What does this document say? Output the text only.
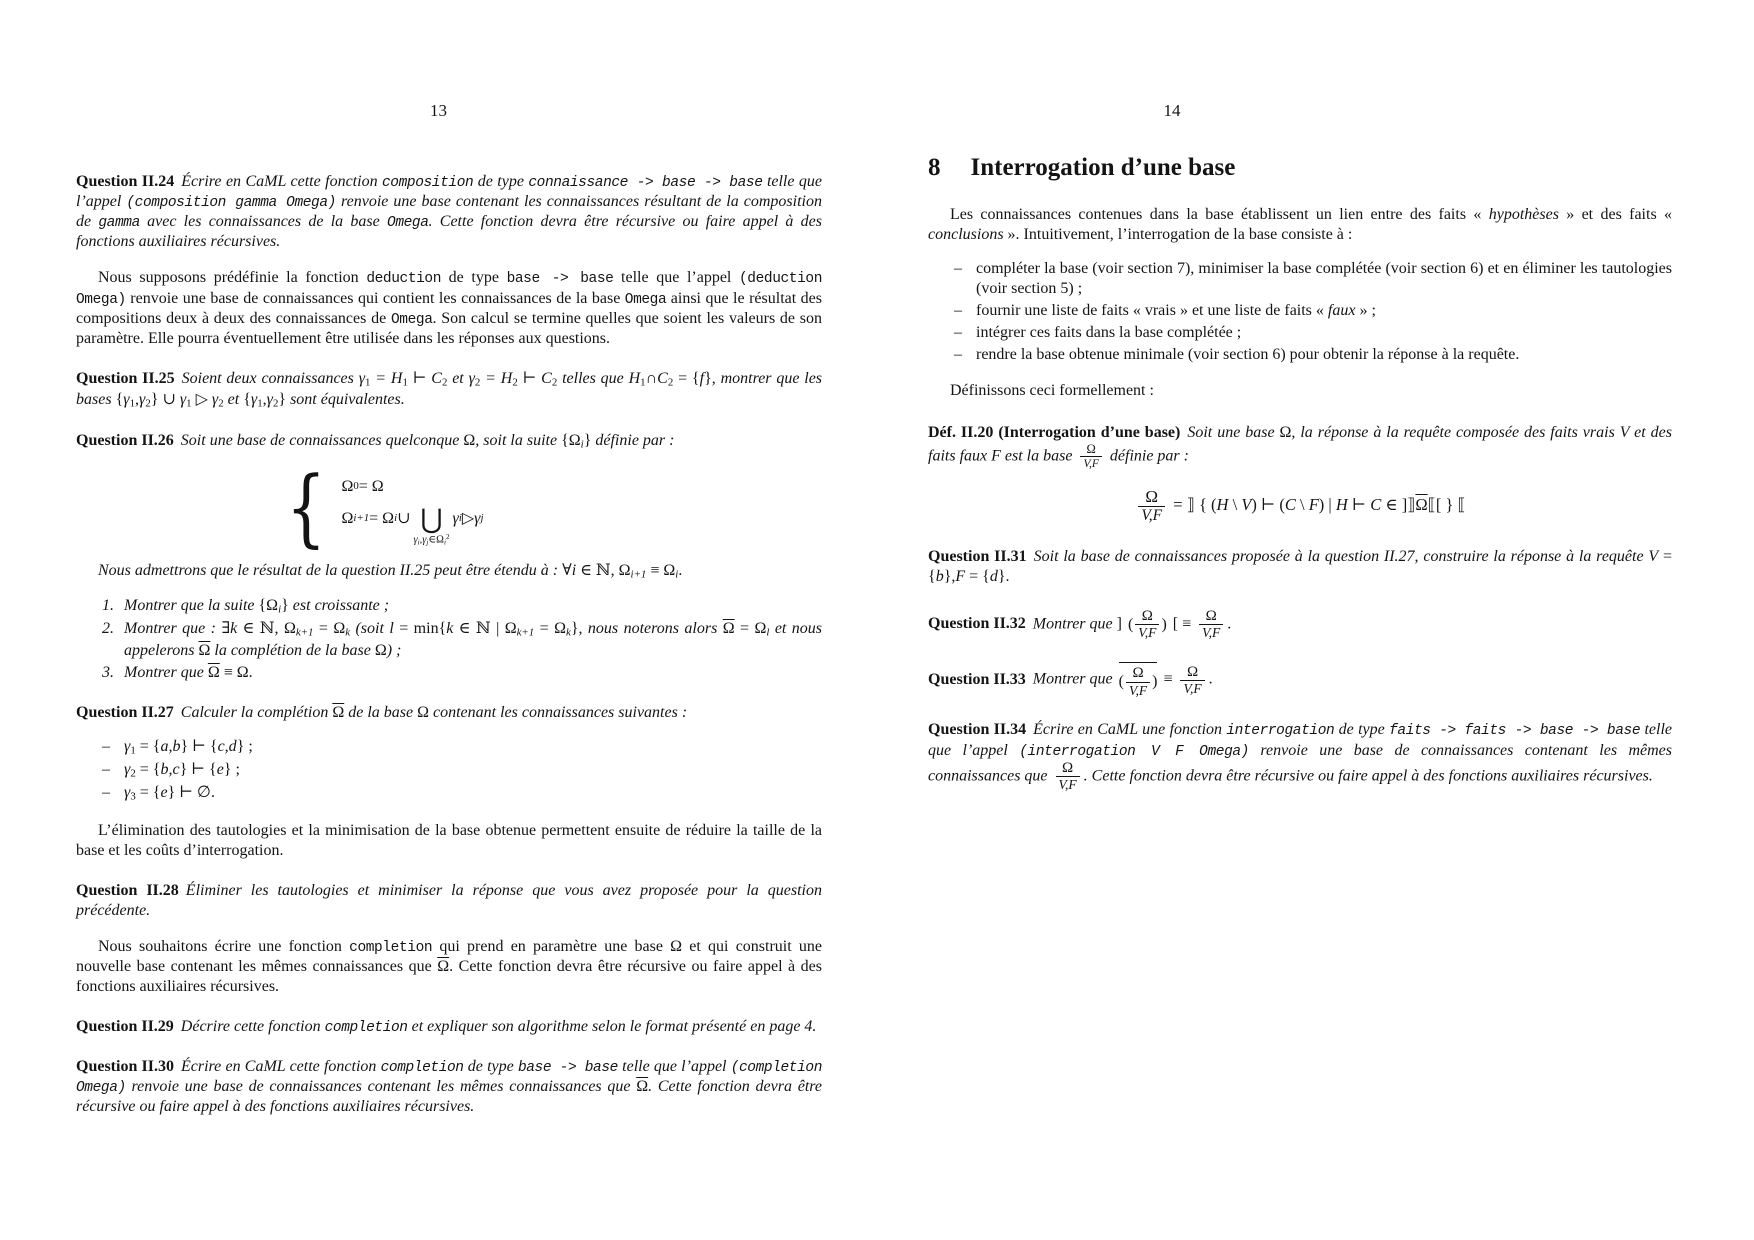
13

Question II.24 Écrire en CaML cette fonction composition de type connaissance -> base -> base telle que l’appel (composition gamma Omega) renvoie une base contenant les connaissances résultant de la composition de gamma avec les connaissances de la base Omega. Cette fonction devra être récursive ou faire appel à des fonctions auxiliaires récursives.

Nous supposons prédéfinie la fonction deduction de type base -> base telle que l’appel (deduction Omega) renvoie une base de connaissances qui contient les connaissances de la base Omega ainsi que le résultat des compositions deux à deux des connaissances de Omega. Son calcul se termine quelles que soient les valeurs de son paramètre. Elle pourra éventuellement être utilisée dans les réponses aux questions.

Question II.25 Soient deux connaissances $\gamma_1 = H_1$ ⊢ $C_2$ et $\gamma_2 = H_2$ ⊢ $C_2$ telles que $H_1\cap C_2 = \{f\}$, montrer que les bases $\{\gamma_1,\gamma_2\}$ ∪ $\gamma_1$ ▷ $\gamma_2$ et $\{\gamma_1,\gamma_2\}$ sont équivalentes.

Question II.26 Soit une base de connaissances quelconque Ω, soit la suite $\{\Omega_i\}$ définie par :

{ Ω 0 = Ω
Ω i+1 = Ω i ∪ ⋃
$\gamma_i,\gamma_j\in\Omega_i^2$
γ i ▷ γ j

Nous admettrons que le résultat de la question II.25 peut être étendu à : ∀i ∈ ℕ, $\Omega_{i+1} \equiv \Omega_i$.

1. Montrer que la suite $\{\Omega_i\}$ est croissante ;
2. Montrer que : ∃k ∈ ℕ, $\Omega_{k+1} = \Omega_k$ (soit l = min{k ∈ ℕ | $\Omega_{k+1} = \Omega_k$}, nous noterons alors $\overline{\Omega} = \Omega_l$ et nous appelerons $\overline{\Omega}$ la complétion de la base Ω) ;
3. Montrer que $\overline{\Omega} \equiv \Omega$.

Question II.27 Calculer la complétion $\overline{\Omega}$ de la base Ω contenant les connaissances suivantes :

– $\gamma_1 = \{a,b\}$ ⊢ {c,d} ;
– $\gamma_2 = \{b,c\}$ ⊢ {e} ;
– $\gamma_3 = \{e\}$ ⊢ ∅.

L’élimination des tautologies et la minimisation de la base obtenue permettent ensuite de réduire la taille de la base et les coûts d’interrogation.

Question II.28 Éliminer les tautologies et minimiser la réponse que vous avez proposée pour la question précédente.

Nous souhaitons écrire une fonction completion qui prend en paramètre une base Ω et qui construit une nouvelle base contenant les mêmes connaissances que $\overline{\Omega}$. Cette fonction devra être récursive ou faire appel à des fonctions auxiliaires récursives.

Question II.29 Décrire cette fonction completion et expliquer son algorithme selon le format présenté en page 4.

Question II.30 Écrire en CaML cette fonction completion de type base -> base telle que l’appel (completion Omega) renvoie une base de connaissances contenant les mêmes connaissances que $\overline{\Omega}$. Cette fonction devra être récursive ou faire appel à des fonctions auxiliaires récursives.

14
8 Interrogation d’une base

Les connaissances contenues dans la base établissent un lien entre des faits « hypothèses » et des faits « conclusions ». Intuitivement, l’interrogation de la base consiste à :

– compléter la base (voir section 7), minimiser la base complétée (voir section 6) et en éliminer les tautologies (voir section 5) ;
– fournir une liste de faits « vrais » et une liste de faits « faux » ;
– intégrer ces faits dans la base complétée ;
– rendre la base obtenue minimale (voir section 6) pour obtenir la réponse à la requête.

Définissons ceci formellement :

Déf. II.20 (Interrogation d’une base) Soit une base Ω, la réponse à la requête composée des faits vrais V et des faits faux F est la base $\frac{\Omega}{V,F}$ définie par :

$\frac{\Omega}{V,F}$ = ⟧ { (H \ V) ⊢ (C \ F) | H ⊢ C ∈ ]$⟧\overline{\Omega}⟦$[ } ⟦

Question II.31 Soit la base de connaissances proposée à la question II.27, construire la réponse à la requête V = {b},F = {d}.

Question II.32 Montrer que ] ( $\frac{\Omega}{V,F}$ ) [ ≡ $\frac{\Omega}{V,F}$ .

Question II.33 Montrer que ( $\frac{\Omega}{V,F}$ ) ≡ $\frac{\Omega}{V,F}$ .

Question II.34 Écrire en CaML une fonction interrogation de type faits -> faits -> base -> base telle que l’appel (interrogation V F Omega) renvoie une base de connaissances contenant les mêmes connaissances que $\frac{\Omega}{V,F}$ . Cette fonction devra être récursive ou faire appel à des fonctions auxiliaires récursives.
